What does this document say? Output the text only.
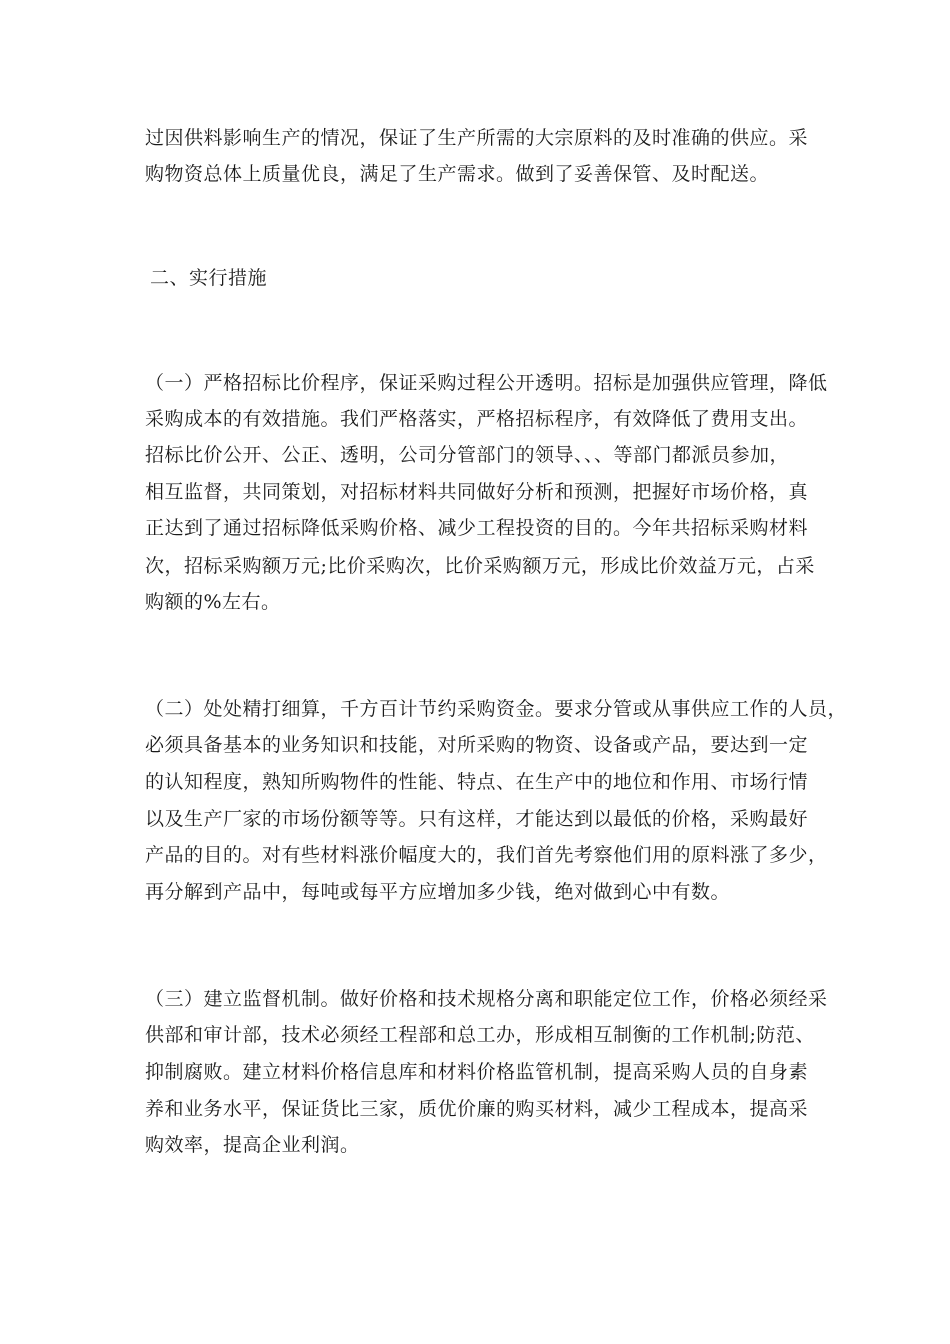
过因供料影响生产的情况，保证了生产所需的大宗原料的及时准确的供应。采
购物资总体上质量优良，满足了生产需求。做到了妥善保管、及时配送。
二、实行措施
（一）严格招标比价程序，保证采购过程公开透明。招标是加强供应管理，降低
采购成本的有效措施。我们严格落实，严格招标程序，有效降低了费用支出。
招标比价公开、公正、透明，公司分管部门的领导、、、等部门都派员参加，
相互监督，共同策划，对招标材料共同做好分析和预测，把握好市场价格，真
正达到了通过招标降低采购价格、减少工程投资的目的。今年共招标采购材料
次，招标采购额万元;比价采购次，比价采购额万元，形成比价效益万元，占采
购额的%左右。
（二）处处精打细算，千方百计节约采购资金。要求分管或从事供应工作的人员，
必须具备基本的业务知识和技能，对所采购的物资、设备或产品，要达到一定
的认知程度，熟知所购物件的性能、特点、在生产中的地位和作用、市场行情
以及生产厂家的市场份额等等。只有这样，才能达到以最低的价格，采购最好
产品的目的。对有些材料涨价幅度大的，我们首先考察他们用的原料涨了多少，
再分解到产品中，每吨或每平方应增加多少钱，绝对做到心中有数。
（三）建立监督机制。做好价格和技术规格分离和职能定位工作，价格必须经采
供部和审计部，技术必须经工程部和总工办，形成相互制衡的工作机制;防范、
抑制腐败。建立材料价格信息库和材料价格监管机制，提高采购人员的自身素
养和业务水平，保证货比三家，质优价廉的购买材料，减少工程成本，提高采
购效率，提高企业利润。
